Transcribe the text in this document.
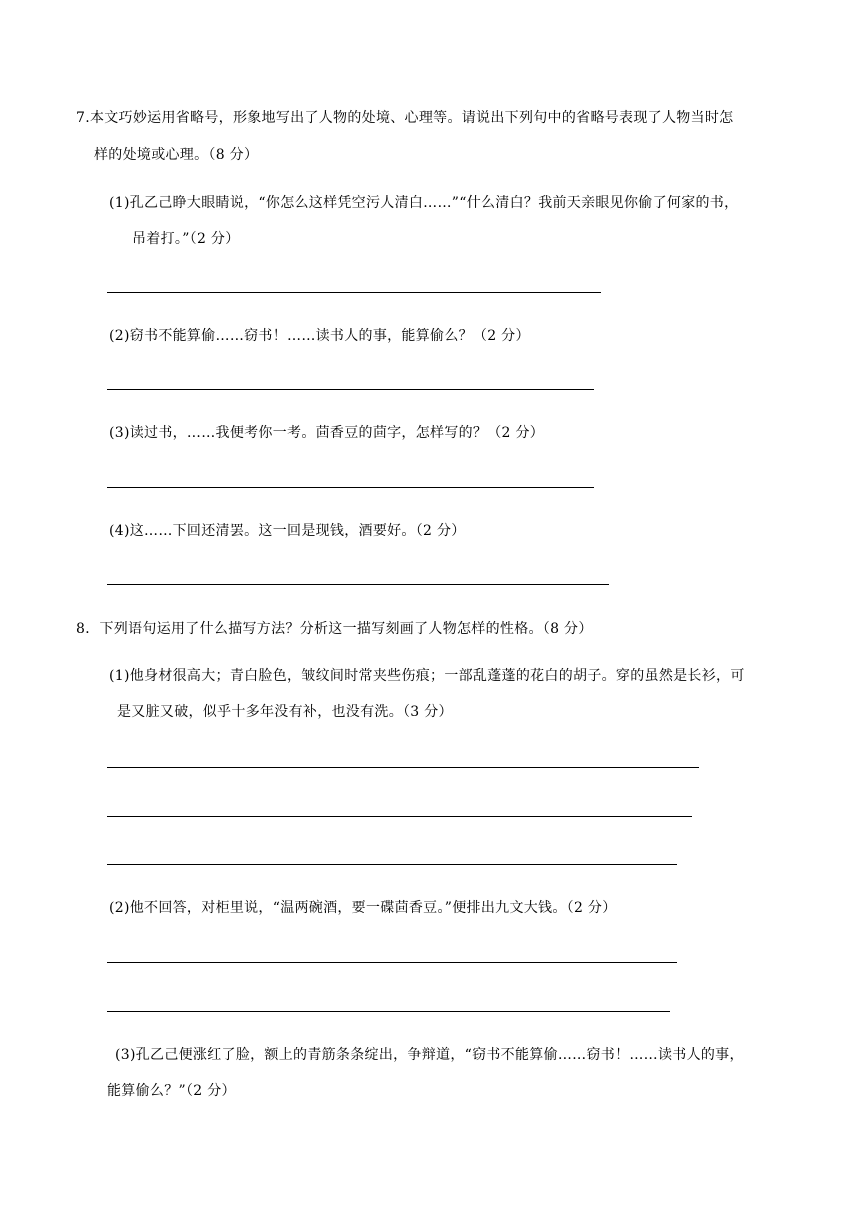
7.本文巧妙运用省略号，形象地写出了人物的处境、心理等。请说出下列句中的省略号表现了人物当时怎
样的处境或心理。（8 分）
(1)孔乙己睁大眼睛说，“你怎么这样凭空污人清白……”“什么清白？我前天亲眼见你偷了何家的书，
吊着打。”（2 分）
(2)窃书不能算偷……窃书！……读书人的事，能算偷么？（2 分）
(3)读过书，……我便考你一考。茴香豆的茴字，怎样写的？（2 分）
(4)这……下回还清罢。这一回是现钱，酒要好。（2 分）
8．下列语句运用了什么描写方法？分析这一描写刻画了人物怎样的性格。（8 分）
(1)他身材很高大；青白脸色，皱纹间时常夹些伤痕；一部乱蓬蓬的花白的胡子。穿的虽然是长衫，可
是又脏又破，似乎十多年没有补，也没有洗。（3 分）
(2)他不回答，对柜里说，“温两碗酒，要一碟茴香豆。”便排出九文大钱。（2 分）
(3)孔乙己便涨红了脸，额上的青筋条条绽出，争辩道，“窃书不能算偷……窃书！……读书人的事，
能算偷么？”（2 分）
